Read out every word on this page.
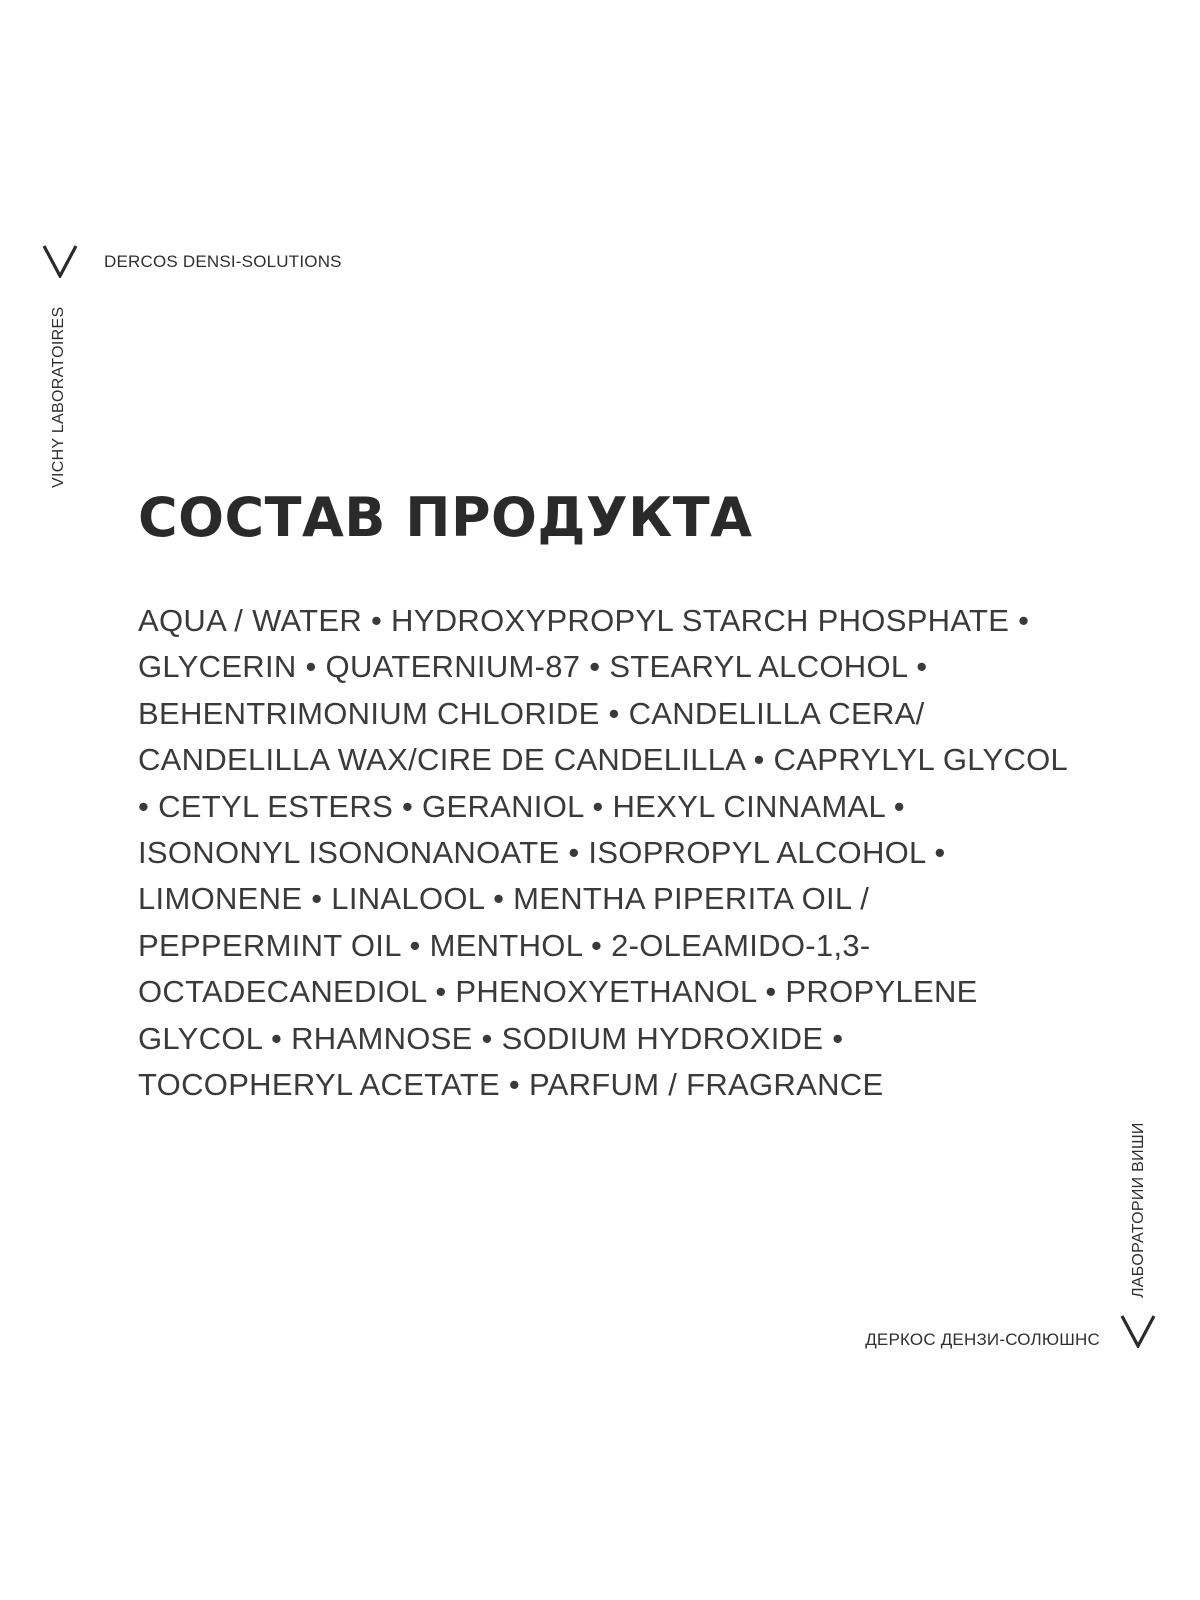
DERCOS DENSI-SOLUTIONS
VICHY LABORATOIRES
СОСТАВ ПРОДУКТА
AQUA / WATER • HYDROXYPROPYL STARCH PHOSPHATE •
GLYCERIN • QUATERNIUM-87 • STEARYL ALCOHOL •
BEHENTRIMONIUM CHLORIDE • CANDELILLA CERA/
CANDELILLA WAX/CIRE DE CANDELILLA • CAPRYLYL GLYCOL
• CETYL ESTERS • GERANIOL • HEXYL CINNAMAL •
ISONONYL ISONONANOATE • ISOPROPYL ALCOHOL •
LIMONENE • LINALOOL • MENTHA PIPERITA OIL /
PEPPERMINT OIL • MENTHOL • 2-OLEAMIDO-1,3-
OCTADECANEDIOL • PHENOXYETHANOL • PROPYLENE
GLYCOL • RHAMNOSE • SODIUM HYDROXIDE •
TOCOPHERYL ACETATE • PARFUM / FRAGRANCE
ЛАБОРАТОРИИ ВИШИ
ДЕРКОС ДЕНЗИ-СОЛЮШНС
